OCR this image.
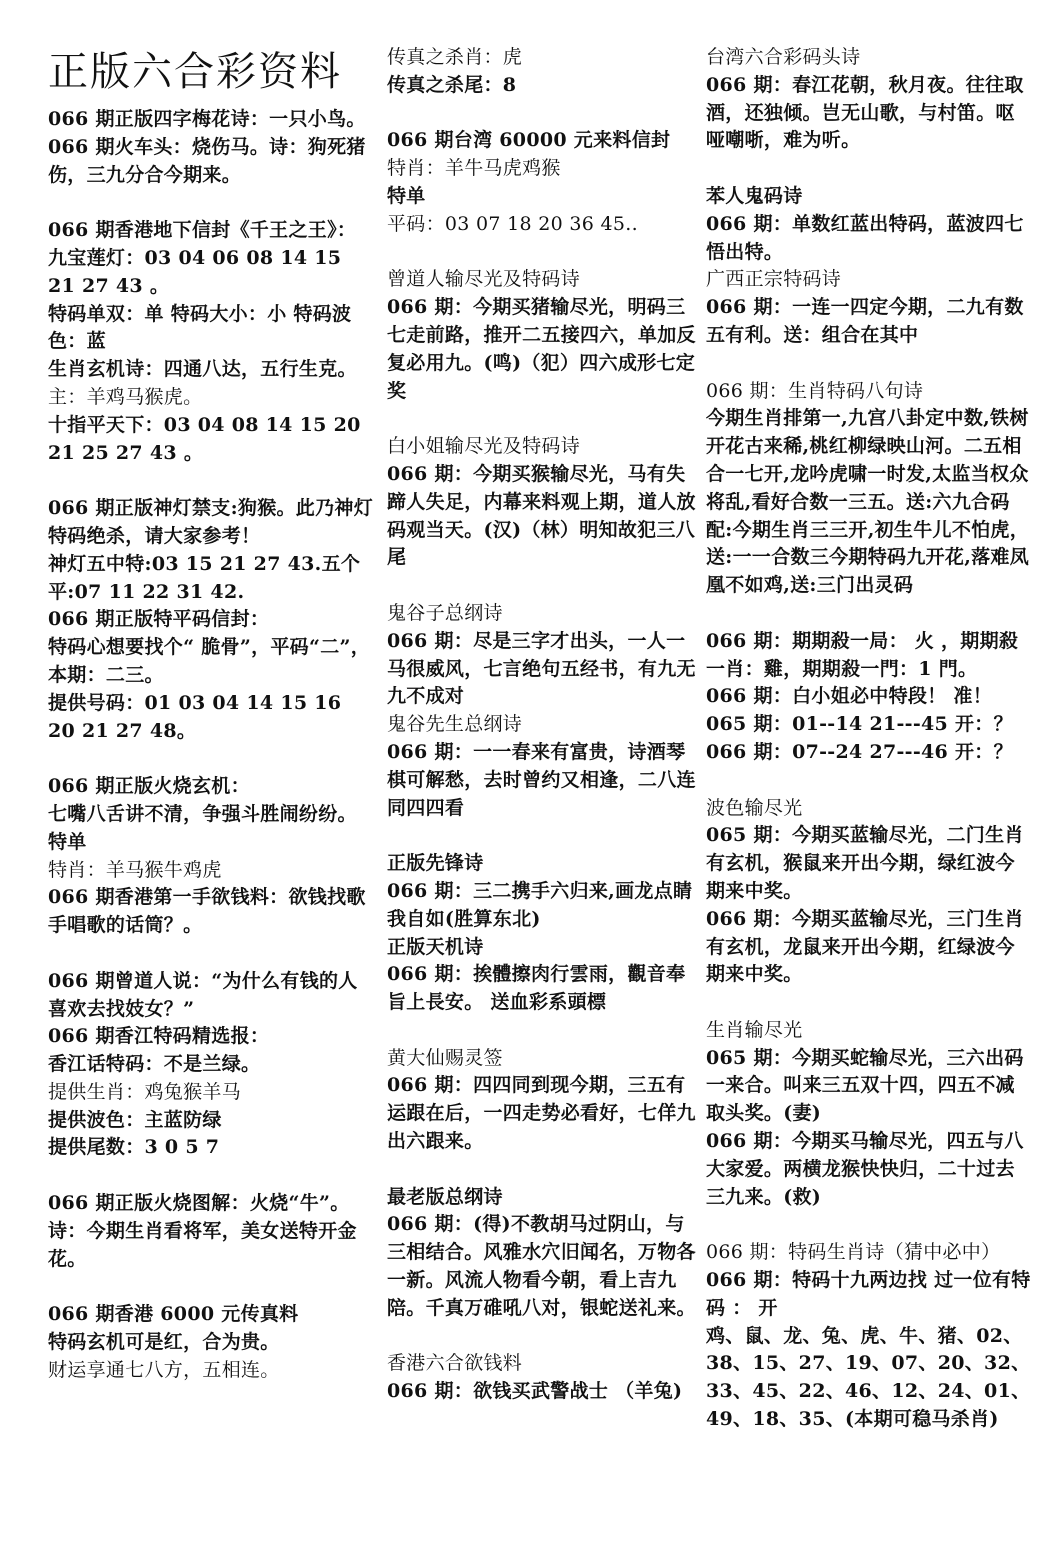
正版六合彩资料

066 期正版四字梅花诗：一只小鸟。

066 期火车头：烧伤马。诗：狗死猪伤，三九分合今期来。

066 期香港地下信封《千王之王》：

九宝莲灯：03 04 06 08 14 15 21 27 43 。

特码单双：单 特码大小：小 特码波色：蓝

生肖玄机诗：四通八达，五行生克。

主：羊鸡马猴虎。

十指平天下：03 04 08 14 15 20 21 25 27 43 。

066 期正版神灯禁支:狗猴。此乃神灯特码绝杀，请大家参考！

神灯五中特:03 15 21 27 43.五个平:07 11 22 31 42.

066 期正版特平码信封：

特码心想要找个“ 脆骨”，平码“二”，本期：二三。

提供号码：01 03 04 14 15 16 20 21 27 48。

066 期正版火烧玄机：

七嘴八舌讲不清，争强斗胜闹纷纷。

特单

特肖：羊马猴牛鸡虎

066 期香港第一手欲钱料：欲钱找歌手唱歌的话筒？。

066 期曾道人说：“为什么有钱的人喜欢去找妓女？”

066 期香江特码精选报：

香江话特码：不是兰绿。

提供生肖：鸡兔猴羊马

提供波色：主蓝防绿

提供尾数：3 0 5 7

066 期正版火烧图解：火烧“牛”。诗：今期生肖看将军，美女送特开金花。

066 期香港 6000 元传真料

特码玄机可是红，合为贵。

财运享通七八方，五相连。

传真之杀肖：虎

传真之杀尾：8

066 期台湾 60000 元来料信封

特肖：羊牛马虎鸡猴

特单

平码：03 07 18 20 36 45..

曾道人输尽光及特码诗

066 期：今期买猪输尽光，明码三七走前路，推开二五接四六，单加反复必用九。(鸣)（犯）四六成形七定奖

白小姐输尽光及特码诗

066 期：今期买猴输尽光，马有失蹄人失足，内幕来料观上期，道人放码观当天。(汉)（林）明知故犯三八尾

鬼谷子总纲诗

066 期：尽是三字才出头，一人一马很威风，七言绝句五经书，有九无九不成对

鬼谷先生总纲诗

066 期：一一春来有富贵，诗酒琴棋可解愁，去时曾约又相逢，二八连同四四看

正版先锋诗

066 期：三二携手六归来,画龙点睛我自如(胜算东北)

正版天机诗

066 期：挨體擦肉行雲雨，觀音奉旨上長安。 送血彩系頭標

黄大仙赐灵签

066 期：四四同到现今期，三五有运跟在后，一四走势必看好，七佯九出六跟来。

最老版总纲诗

066 期：(得)不教胡马过阴山，与三相结合。风雅水穴旧闻名，万物各一新。风流人物看今朝，看上吉九陪。千真万碓吼八对，银蛇送礼来。

香港六合欲钱料

066 期：欲钱买武警战士 （羊兔)

台湾六合彩码头诗

066 期：春江花朝，秋月夜。往往取酒，还独倾。岂无山歌，与村笛。呕哑嘲哳，难为听。

苯人鬼码诗

066 期：单数红蓝出特码，蓝波四七悟出特。

广西正宗特码诗

066 期：一连一四定今期，二九有数五有利。送：组合在其中

066 期：生肖特码八句诗

今期生肖排第一,九宫八卦定中数,铁树开花古来稀,桃红柳绿映山河。二五相合一七开,龙吟虎啸一时发,太监当权众将乱,看好合数一三五。送:六九合码 配:今期生肖三三开,初生牛儿不怕虎，送:一一合数三今期特码九开花,落难凤凰不如鸡,送:三门出灵码

066 期：期期殺一局： 火 ，期期殺一肖：雞，期期殺一門：1 門。

066 期：白小姐必中特段！ 准！

065 期：01--14 21---45 开：？

066 期：07--24 27---46 开：？

波色输尽光

065 期：今期买蓝输尽光，二门生肖有玄机，猴鼠来开出今期，绿红波今期来中奖。

066 期：今期买蓝输尽光，三门生肖有玄机，龙鼠来开出今期，红绿波今期来中奖。

生肖输尽光

065 期：今期买蛇输尽光，三六出码一来合。叫来三五双十四，四五不减取头奖。(妻)

066 期：今期买马输尽光，四五与八大家爱。两横龙猴快快归，二十过去三九来。(救)

066 期：特码生肖诗（猜中必中）

066 期：特码十九两边找 过一位有特码 ： 开

鸡、鼠、龙、兔、虎、牛、猪、02、38、15、27、19、07、20、32、33、45、22、46、12、24、01、49、18、35、(本期可稳马杀肖)
